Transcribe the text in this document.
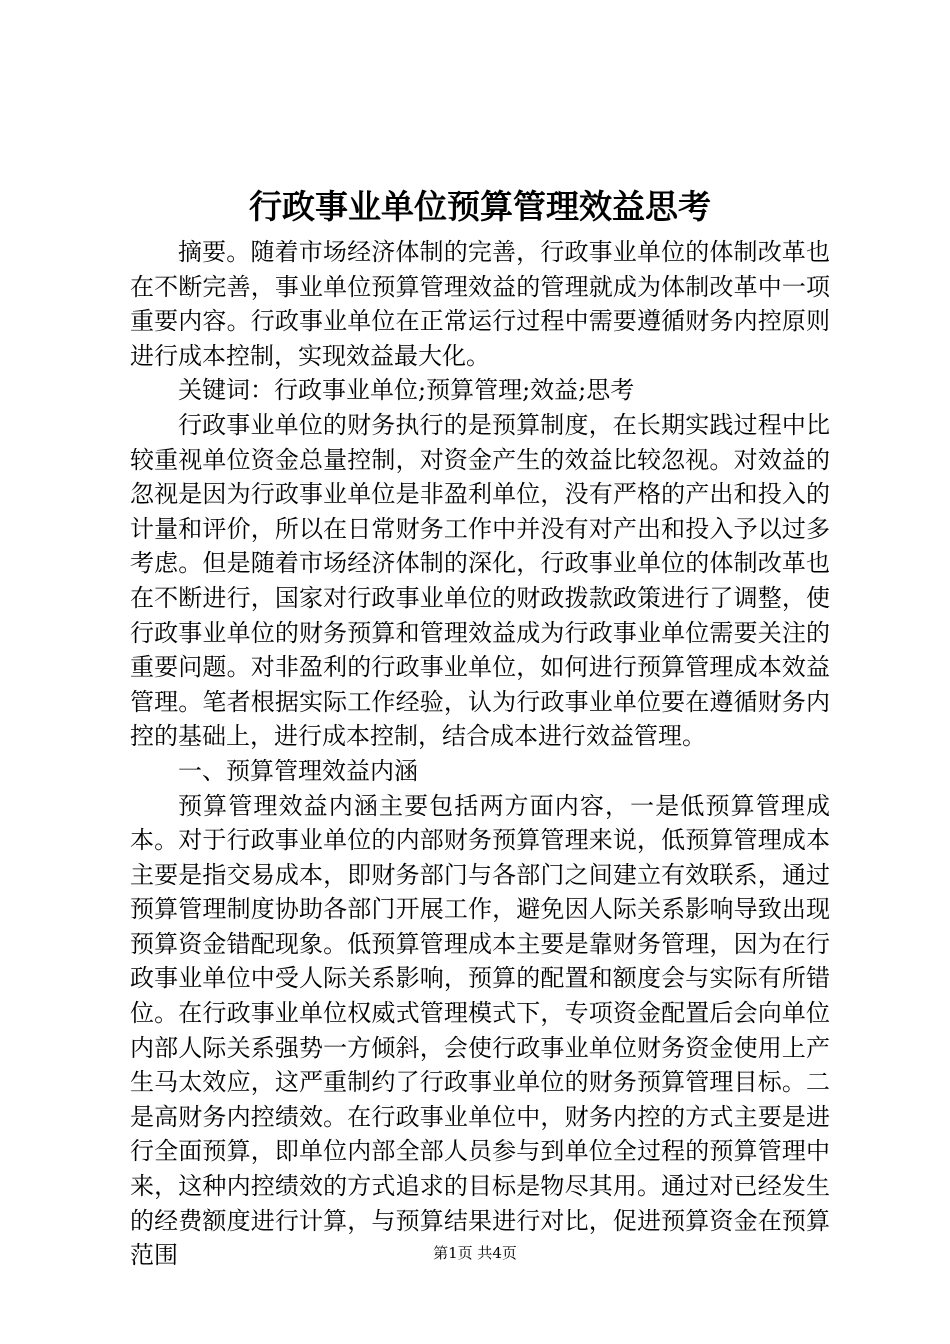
行政事业单位预算管理效益思考

摘要。随着市场经济体制的完善，行政事业单位的体制改革也在不断完善，事业单位预算管理效益的管理就成为体制改革中一项重要内容。行政事业单位在正常运行过程中需要遵循财务内控原则进行成本控制，实现效益最大化。

关键词：行政事业单位;预算管理;效益;思考

行政事业单位的财务执行的是预算制度，在长期实践过程中比较重视单位资金总量控制，对资金产生的效益比较忽视。对效益的忽视是因为行政事业单位是非盈利单位，没有严格的产出和投入的计量和评价，所以在日常财务工作中并没有对产出和投入予以过多考虑。但是随着市场经济体制的深化，行政事业单位的体制改革也在不断进行，国家对行政事业单位的财政拨款政策进行了调整，使行政事业单位的财务预算和管理效益成为行政事业单位需要关注的重要问题。对非盈利的行政事业单位，如何进行预算管理成本效益管理。笔者根据实际工作经验，认为行政事业单位要在遵循财务内控的基础上，进行成本控制，结合成本进行效益管理。

一、预算管理效益内涵

预算管理效益内涵主要包括两方面内容，一是低预算管理成本。对于行政事业单位的内部财务预算管理来说，低预算管理成本主要是指交易成本，即财务部门与各部门之间建立有效联系，通过预算管理制度协助各部门开展工作，避免因人际关系影响导致出现预算资金错配现象。低预算管理成本主要是靠财务管理，因为在行政事业单位中受人际关系影响，预算的配置和额度会与实际有所错位。在行政事业单位权威式管理模式下，专项资金配置后会向单位内部人际关系强势一方倾斜，会使行政事业单位财务资金使用上产生马太效应，这严重制约了行政事业单位的财务预算管理目标。二是高财务内控绩效。在行政事业单位中，财务内控的方式主要是进行全面预算，即单位内部全部人员参与到单位全过程的预算管理中来，这种内控绩效的方式追求的目标是物尽其用。通过对已经发生的经费额度进行计算，与预算结果进行对比，促进预算资金在预算范围	第1页 共4页
